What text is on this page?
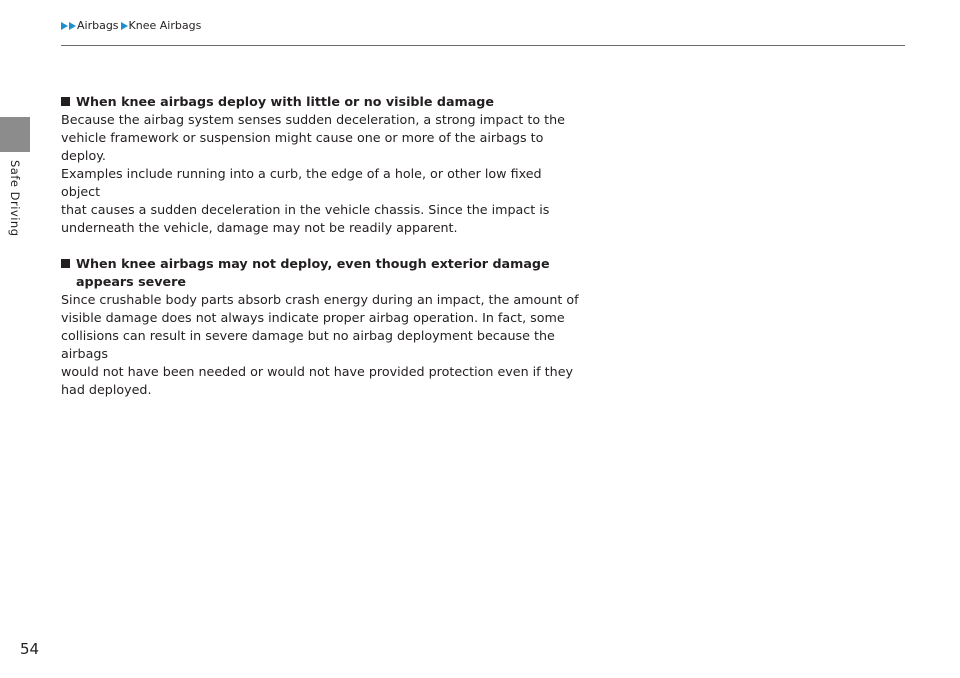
Safe Driving
Airbags Knee Airbags
When knee airbags deploy with little or no visible damage

Because the airbag system senses sudden deceleration, a strong impact to the
vehicle framework or suspension might cause one or more of the airbags to deploy.
Examples include running into a curb, the edge of a hole, or other low fixed object
that causes a sudden deceleration in the vehicle chassis. Since the impact is
underneath the vehicle, damage may not be readily apparent.

When knee airbags may not deploy, even though exterior damage
appears severe

Since crushable body parts absorb crash energy during an impact, the amount of
visible damage does not always indicate proper airbag operation. In fact, some
collisions can result in severe damage but no airbag deployment because the airbags
would not have been needed or would not have provided protection even if they
had deployed.

54
